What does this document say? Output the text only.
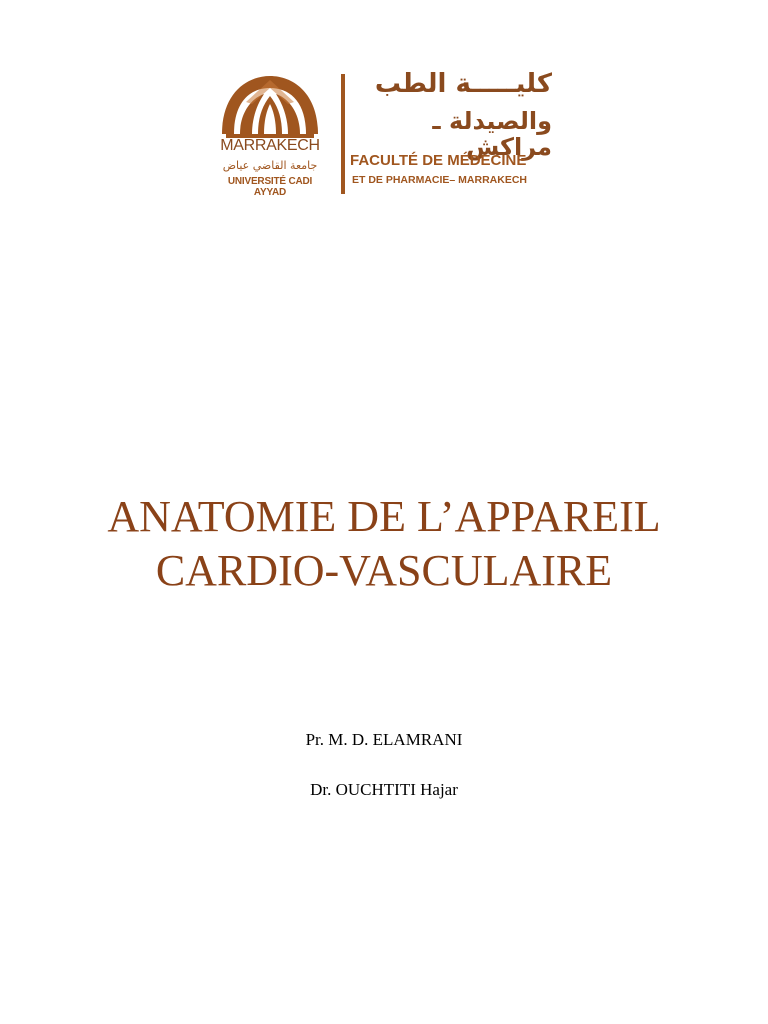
MARRAKECH
جامعة القاضي عياض
UNIVERSITÉ CADI AYYAD
كليـــــة الطب
والصيدلة ـ مراكش
FACULTÉ DE MÉDECINE
ET DE PHARMACIE– MARRAKECH
ANATOMIE DE L’APPAREIL
CARDIO-VASCULAIRE
Pr. M. D. ELAMRANI
Dr. OUCHTITI Hajar
